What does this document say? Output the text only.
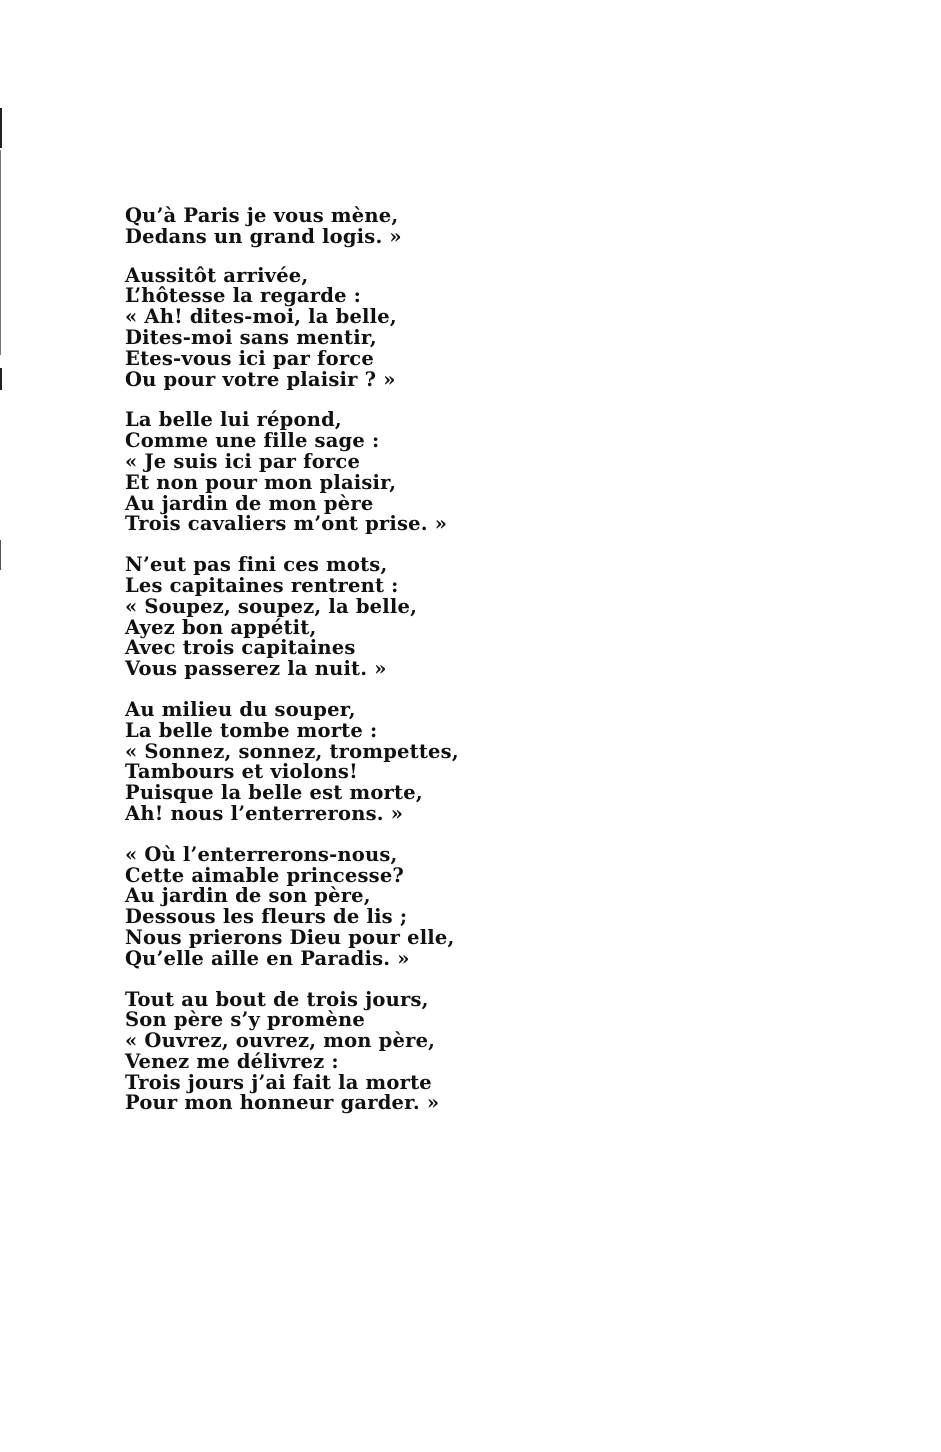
Qu’à Paris je vous mène,
Dedans un grand logis. »
Aussitôt arrivée,
L’hôtesse la regarde :
« Ah! dites-moi, la belle,
Dites-moi sans mentir,
Etes-vous ici par force
Ou pour votre plaisir ? »
La belle lui répond,
Comme une fille sage :
« Je suis ici par force
Et non pour mon plaisir,
Au jardin de mon père
Trois cavaliers m’ont prise. »
N’eut pas fini ces mots,
Les capitaines rentrent :
« Soupez, soupez, la belle,
Ayez bon appétit,
Avec trois capitaines
Vous passerez la nuit. »
Au milieu du souper,
La belle tombe morte :
« Sonnez, sonnez, trompettes,
Tambours et violons!
Puisque la belle est morte,
Ah! nous l’enterrerons. »
« Où l’enterrerons-nous,
Cette aimable princesse?
Au jardin de son père,
Dessous les fleurs de lis ;
Nous prierons Dieu pour elle,
Qu’elle aille en Paradis. »
Tout au bout de trois jours,
Son père s’y promène
« Ouvrez, ouvrez, mon père,
Venez me délivrez :
Trois jours j’ai fait la morte
Pour mon honneur garder. »
